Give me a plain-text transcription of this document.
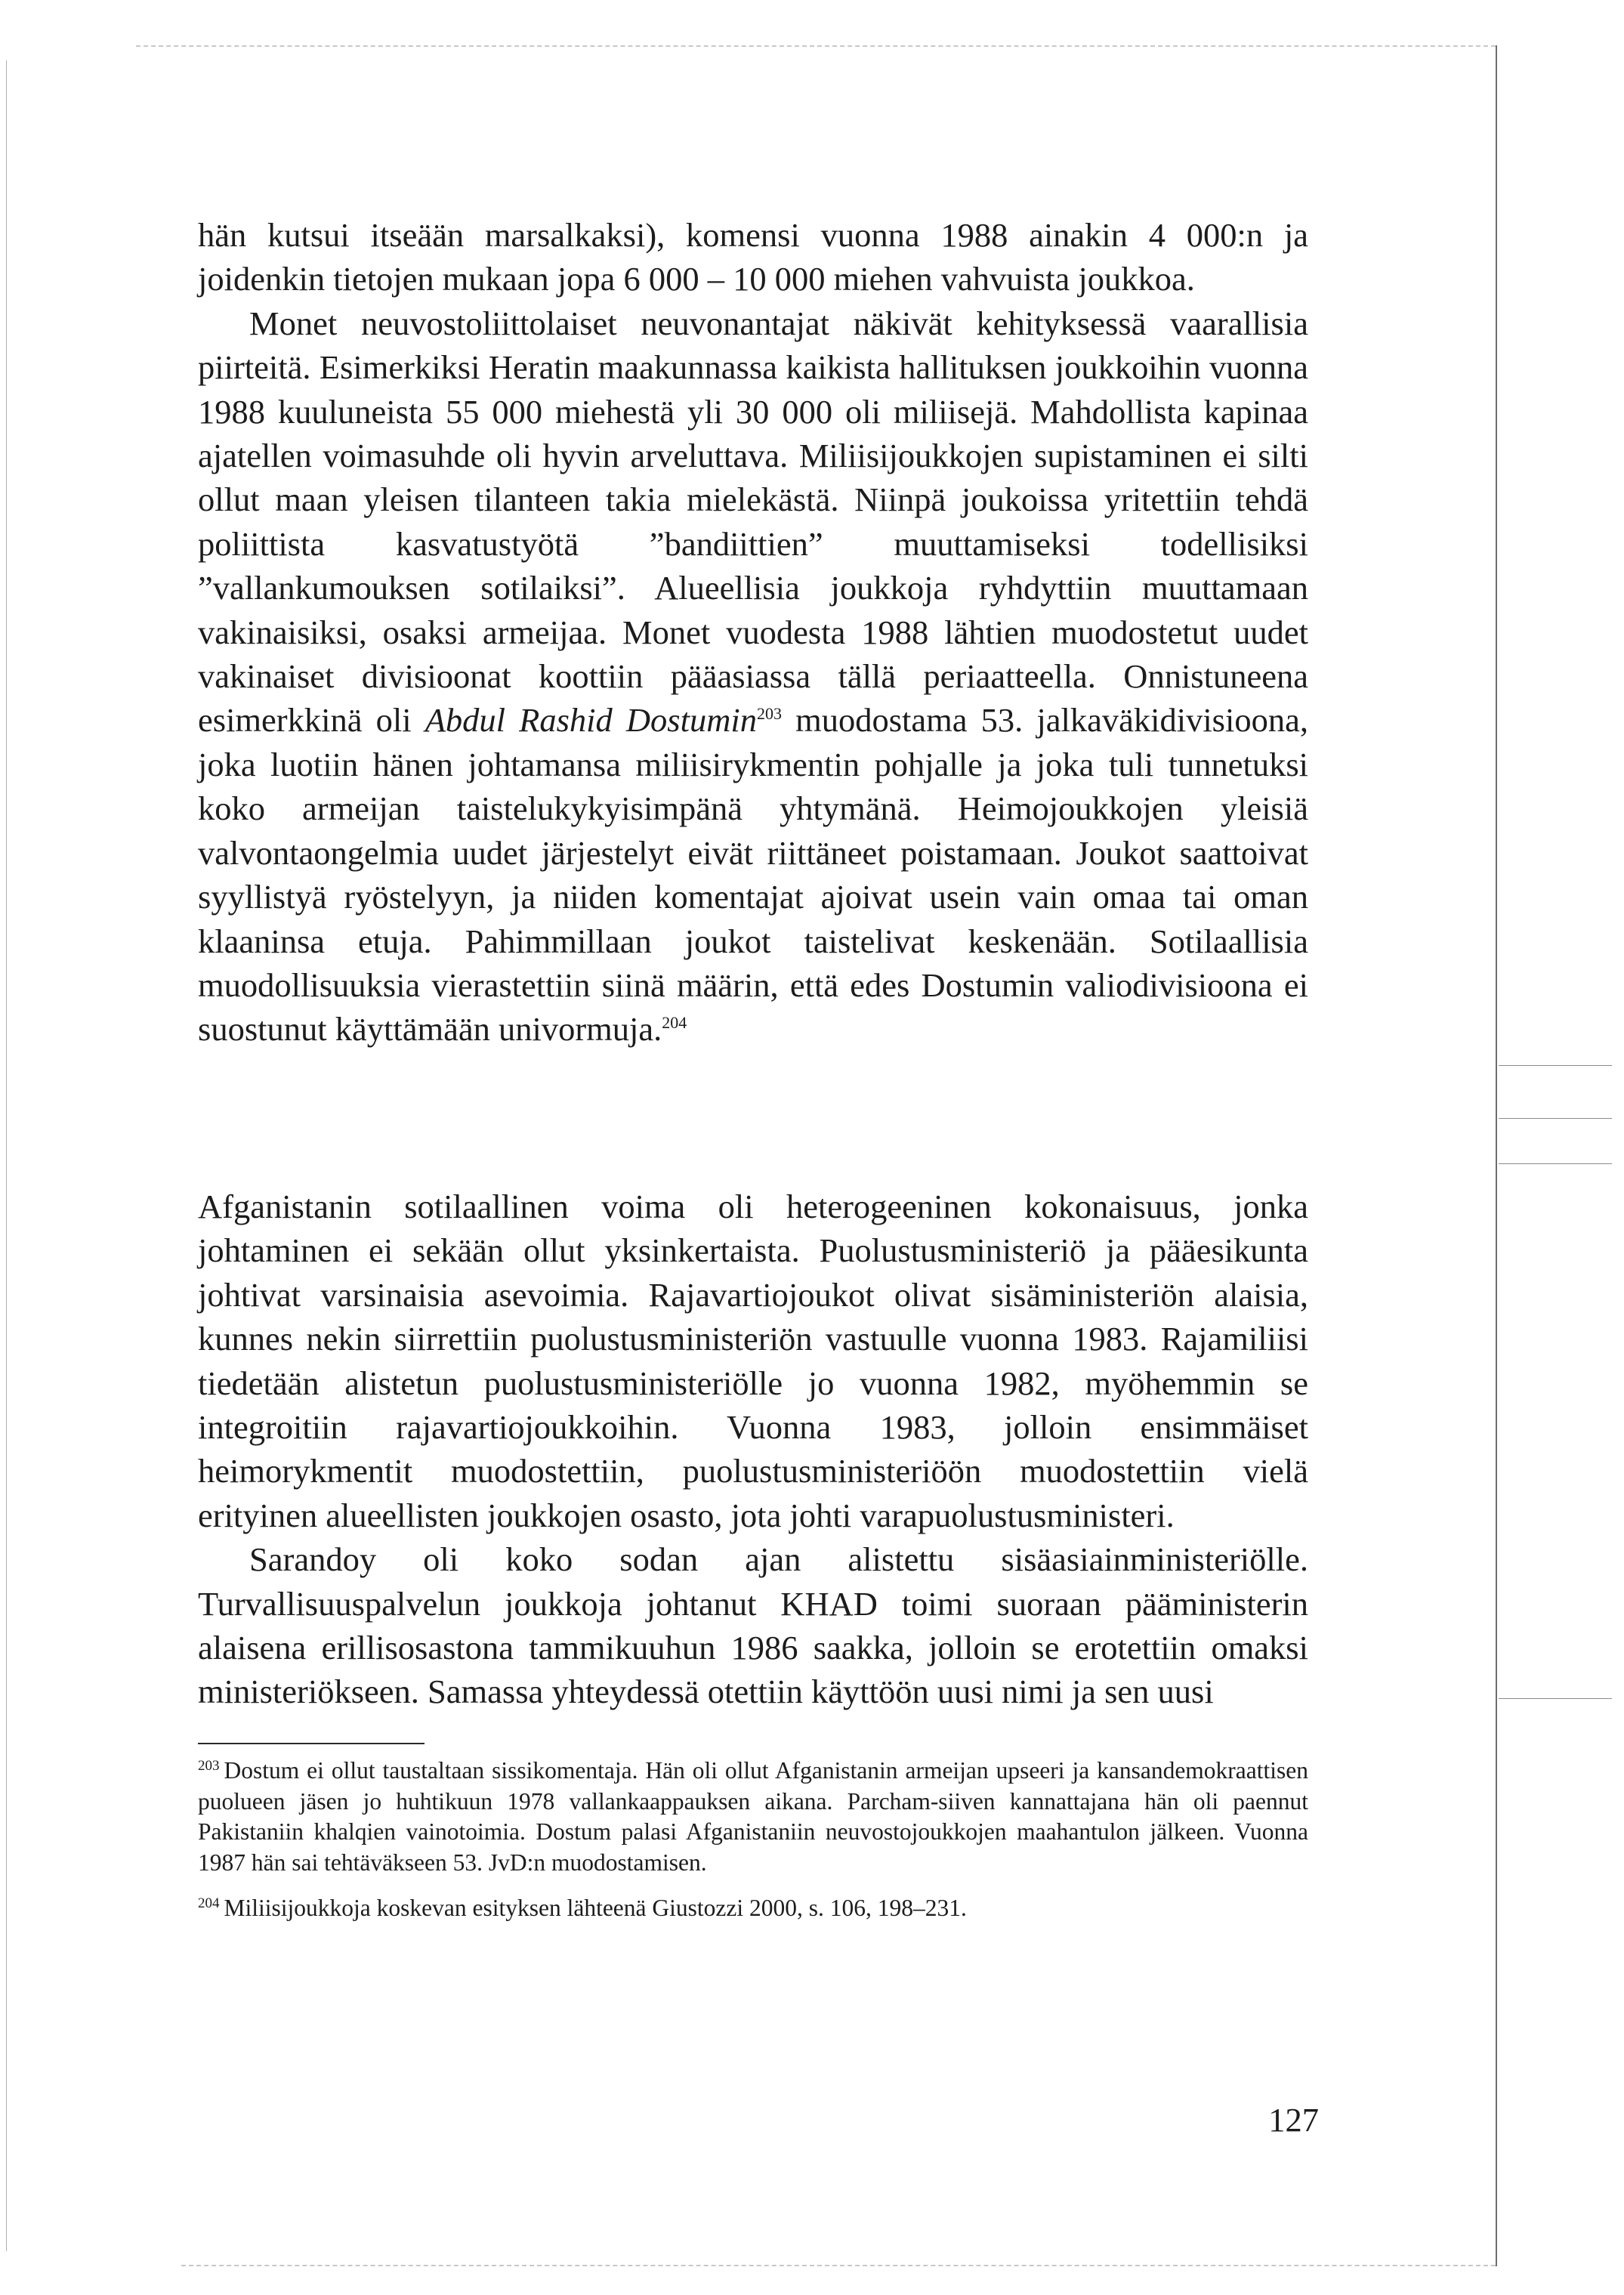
hän kutsui itseään marsalkaksi), komensi vuonna 1988 ainakin 4 000:n ja joidenkin tietojen mukaan jopa 6 000 – 10 000 miehen vahvuista joukkoa.

Monet neuvostoliittolaiset neuvonantajat näkivät kehityksessä vaarallisia piirteitä. Esimerkiksi Heratin maakunnassa kaikista hallituksen joukkoihin vuonna 1988 kuuluneista 55 000 miehestä yli 30 000 oli miliisejä. Mahdollista kapinaa ajatellen voimasuhde oli hyvin arveluttava. Miliisijoukkojen supistaminen ei silti ollut maan yleisen tilanteen takia mielekästä. Niinpä joukoissa yritettiin tehdä poliittista kasvatustyötä ”bandiittien” muuttamiseksi todellisiksi ”vallankumouksen sotilaiksi”. Alueellisia joukkoja ryhdyttiin muuttamaan vakinaisiksi, osaksi armeijaa. Monet vuodesta 1988 lähtien muodostetut uudet vakinaiset divisioonat koottiin pääasiassa tällä periaatteella. Onnistuneena esimerkkinä oli Abdul Rashid Dostumin$^{203}$ muodostama 53. jalkaväkidivisioona, joka luotiin hänen johtamansa miliisirykmentin pohjalle ja joka tuli tunnetuksi koko armeijan taistelukykyisimpänä yhtymänä. Heimojoukkojen yleisiä valvontaongelmia uudet järjestelyt eivät riittäneet poistamaan. Joukot saattoivat syyllistyä ryöstelyyn, ja niiden komentajat ajoivat usein vain omaa tai oman klaaninsa etuja. Pahimmillaan joukot taistelivat keskenään. Sotilaallisia muodollisuuksia vierastettiin siinä määrin, että edes Dostumin valiodivisioona ei suostunut käyttämään univormuja.$^{204}$

Afganistanin sotilaallinen voima oli heterogeeninen kokonaisuus, jonka johtaminen ei sekään ollut yksinkertaista. Puolustusministeriö ja pääesikunta johtivat varsinaisia asevoimia. Rajavartiojoukot olivat sisäministeriön alaisia, kunnes nekin siirrettiin puolustusministeriön vastuulle vuonna 1983. Rajamiliisi tiedetään alistetun puolustusministeriölle jo vuonna 1982, myöhemmin se integroitiin rajavartiojoukkoihin. Vuonna 1983, jolloin ensimmäiset heimorykmentit muodostettiin, puolustusministeriöön muodostettiin vielä erityinen alueellisten joukkojen osasto, jota johti varapuolustusministeri.

Sarandoy oli koko sodan ajan alistettu sisäasiainministeriölle. Turvallisuuspalvelun joukkoja johtanut KHAD toimi suoraan pääministerin alaisena erillisosastona tammikuuhun 1986 saakka, jolloin se erotettiin omaksi ministeriökseen. Samassa yhteydessä otettiin käyttöön uusi nimi ja sen uusi

$^{203}$ Dostum ei ollut taustaltaan sissikomentaja. Hän oli ollut Afganistanin armeijan upseeri ja kansandemokraattisen puolueen jäsen jo huhtikuun 1978 vallankaappauksen aikana. Parcham-siiven kannattajana hän oli paennut Pakistaniin khalqien vainotoimia. Dostum palasi Afganistaniin neuvostojoukkojen maahantulon jälkeen. Vuonna 1987 hän sai tehtäväkseen 53. JvD:n muodostamisen.

$^{204}$ Miliisijoukkoja koskevan esityksen lähteenä Giustozzi 2000, s. 106, 198–231.

127
